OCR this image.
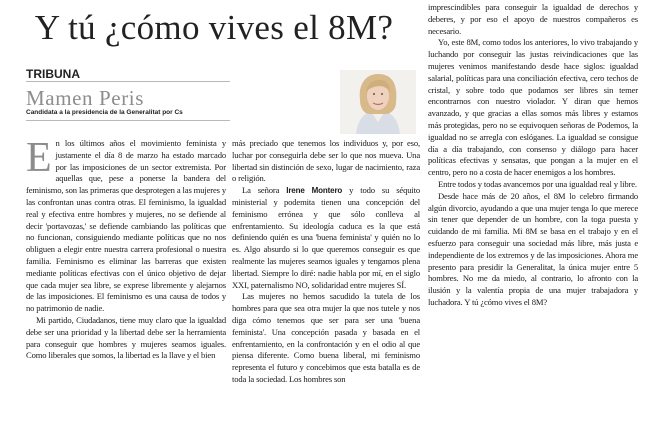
Y tú ¿cómo vives el 8M?
TRIBUNA
Mamen Peris
Candidata a la presidencia de la Generalitat por Cs

En los últimos años el movimiento feminista y justamente el día 8 de marzo ha estado marcado por las imposiciones de un sector extremista. Por aquellas que, pese a ponerse la bandera del feminismo, son las primeras que desprotegen a las mujeres y las confrontan unas contra otras. El feminismo, la igualdad real y efectiva entre hombres y mujeres, no se defiende al decir 'portavozas,' se defiende cambiando las políticas que no funcionan, consiguiendo mediante políticas que no nos obliguen a elegir entre nuestra carrera profesional o nuestra familia. Feminismo es eliminar las barreras que existen mediante políticas efectivas con el único objetivo de dejar que cada mujer sea libre, se exprese libremente y alejarnos de las imposiciones. El feminismo es una causa de todos y no patrimonio de nadie.

Mi partido, Ciudadanos, tiene muy claro que la igualdad debe ser una prioridad y la libertad debe ser la herramienta para conseguir que hombres y mujeres seamos iguales. Como liberales que somos, la libertad es la llave y el bien

más preciado que tenemos los individuos y, por eso, luchar por conseguirla debe ser lo que nos mueva. Una libertad sin distinción de sexo, lugar de nacimiento, raza o religión.

La señora Irene Montero y todo su séquito ministerial y podemita tienen una concepción del feminismo errónea y que sólo conlleva al enfrentamiento. Su ideología caduca es la que está definiendo quién es una 'buena feminista' y quién no lo es. Algo absurdo si lo que queremos conseguir es que realmente las mujeres seamos iguales y tengamos plena libertad. Siempre lo diré: nadie habla por mí, en el siglo XXI, paternalismo NO, solidaridad entre mujeres SÍ.

Las mujeres no hemos sacudido la tutela de los hombres para que sea otra mujer la que nos tutele y nos diga cómo tenemos que ser para ser una 'buena feminista'. Una concepción pasada y basada en el enfrentamiento, en la confrontación y en el odio al que piensa diferente. Como buena liberal, mi feminismo representa el futuro y concebimos que esta batalla es de toda la sociedad. Los hombres son

imprescindibles para conseguir la igualdad de derechos y deberes, y por eso el apoyo de nuestros compañeros es necesario.

Yo, este 8M, como todos los anteriores, lo vivo trabajando y luchando por conseguir las justas reivindicaciones que las mujeres venimos manifestando desde hace siglos: igualdad salarial, políticas para una conciliación efectiva, cero techos de cristal, y sobre todo que podamos ser libres sin temer encontrarnos con nuestro violador. Y diran que hemos avanzado, y que gracias a ellas somos más libres y estamos más protegidas, pero no se equivoquen señoras de Podemos, la igualdad no se arregla con eslóganes. La igualdad se consigue día a día trabajando, con consenso y diálogo para hacer políticas efectivas y sensatas, que pongan a la mujer en el centro, pero no a costa de hacer enemigos a los hombres.

Entre todos y todas avancemos por una igualdad real y libre.

Desde hace más de 20 años, el 8M lo celebro firmando algún divorcio, ayudando a que una mujer tenga lo que merece sin tener que depender de un hombre, con la toga puesta y cuidando de mi familia. Mi 8M se basa en el trabajo y en el esfuerzo para conseguir una sociedad más libre, más justa e independiente de los extremos y de las imposiciones. Ahora me presento para presidir la Generalitat, la única mujer entre 5 hombres. No me da miedo, al contrario, lo afronto con la ilusión y la valentía propia de una mujer trabajadora y luchadora. Y tú ¿cómo vives el 8M?
